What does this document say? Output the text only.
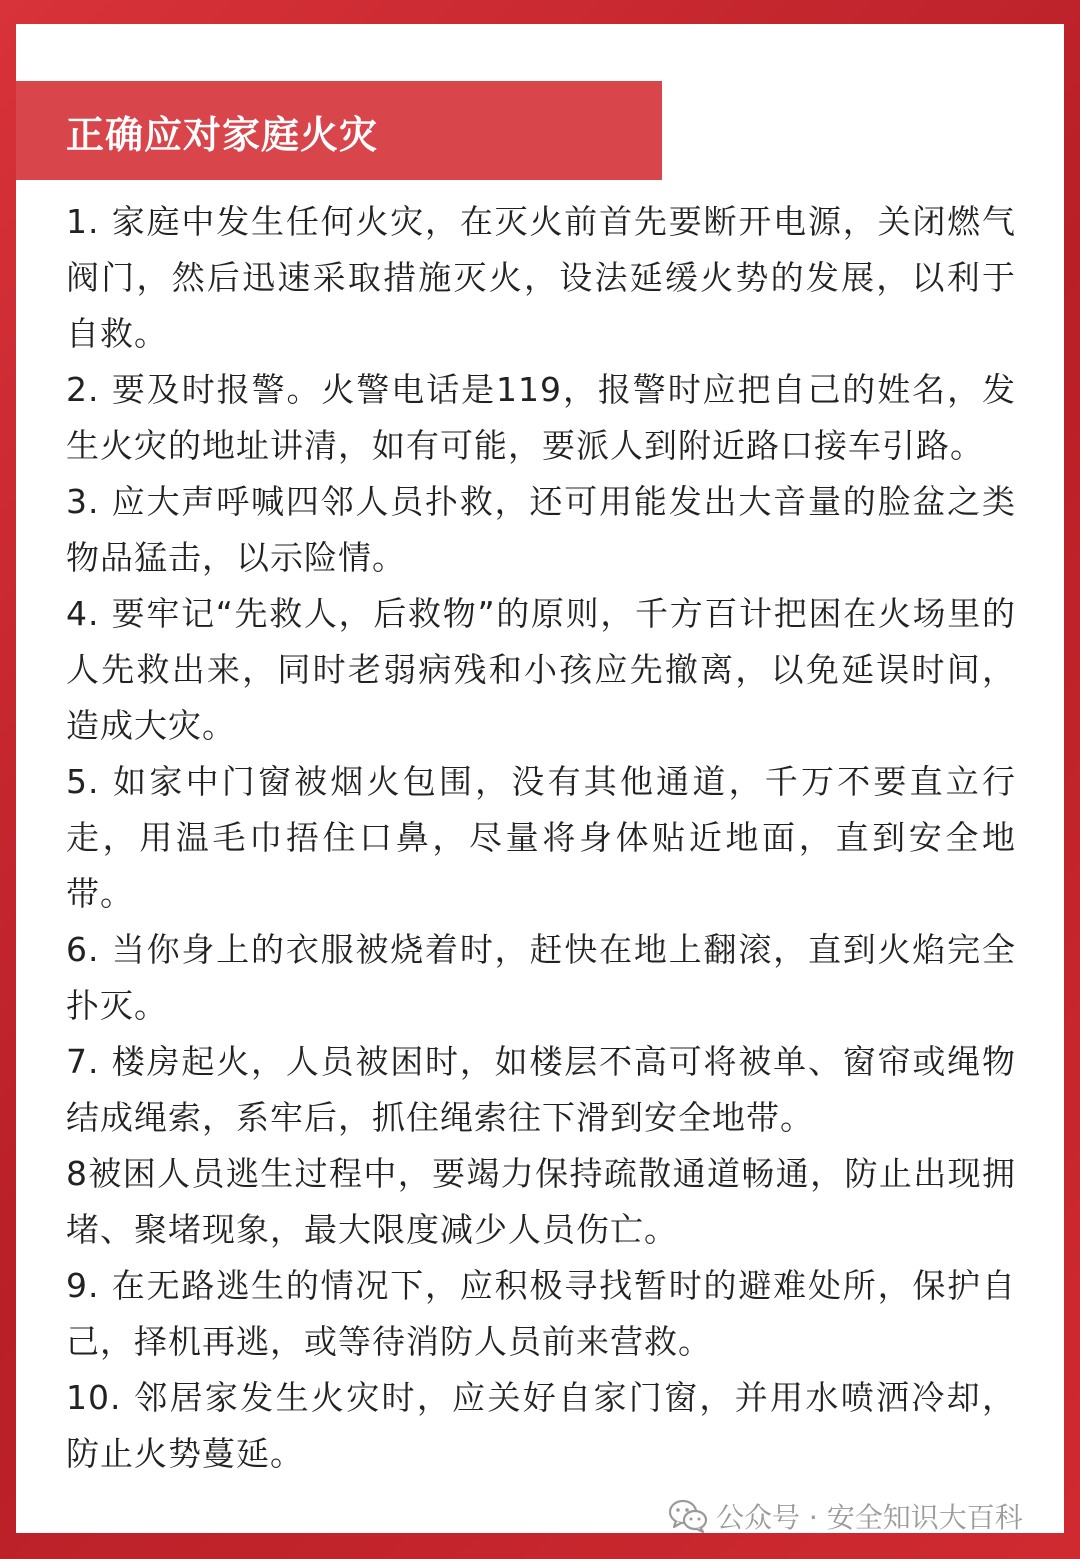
正确应对家庭火灾

1. 家庭中发生任何火灾，在灭火前首先要断开电源，关闭燃气阀门，然后迅速采取措施灭火，设法延缓火势的发展，以利于自救。

2. 要及时报警。火警电话是119，报警时应把自己的姓名，发生火灾的地址讲清，如有可能，要派人到附近路口接车引路。

3. 应大声呼喊四邻人员扑救，还可用能发出大音量的脸盆之类物品猛击，以示险情。

4. 要牢记“先救人，后救物”的原则，千方百计把困在火场里的人先救出来，同时老弱病残和小孩应先撤离，以免延误时间，造成大灾。

5. 如家中门窗被烟火包围，没有其他通道，千万不要直立行走，用温毛巾捂住口鼻，尽量将身体贴近地面，直到安全地带。

6. 当你身上的衣服被烧着时，赶快在地上翻滚，直到火焰完全扑灭。

7. 楼房起火，人员被困时，如楼层不高可将被单、窗帘或绳物结成绳索，系牢后，抓住绳索往下滑到安全地带。

8被困人员逃生过程中，要竭力保持疏散通道畅通，防止出现拥堵、聚堵现象，最大限度减少人员伤亡。

9. 在无路逃生的情况下，应积极寻找暂时的避难处所，保护自己，择机再逃，或等待消防人员前来营救。

10. 邻居家发生火灾时，应关好自家门窗，并用水喷洒冷却，防止火势蔓延。

公众号 · 安全知识大百科
